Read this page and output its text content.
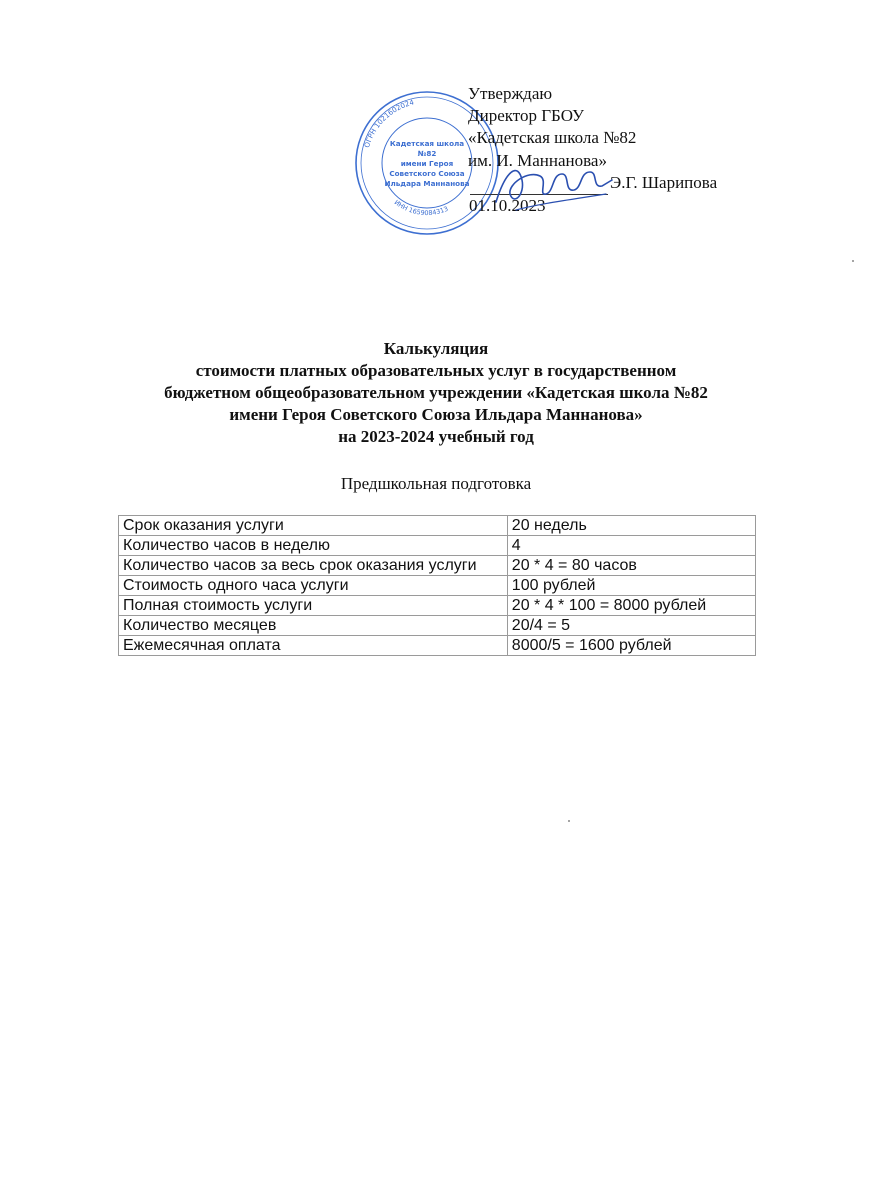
ОГРН 1021602024
ИНН 1659084313
Кадетская школа
№82
имени Героя
Советского Союза
Ильдара Маннанова
Утверждаю
Директор ГБОУ
«Кадетская школа №82
им. И. Маннанова»
Э.Г. Шарипова
01.10.2023
Калькуляция
стоимости платных образовательных услуг в государственном
бюджетном общеобразовательном учреждении «Кадетская школа №82
имени Героя Советского Союза Ильдара Маннанова»
на 2023-2024 учебный год
Предшкольная подготовка
Срок оказания услуги	20 недель
Количество часов в неделю	4
Количество часов за весь срок оказания услуги	20 * 4 = 80 часов
Стоимость одного часа услуги	100 рублей
Полная стоимость услуги	20 * 4 * 100 = 8000 рублей
Количество месяцев	20/4 = 5
Ежемесячная оплата	8000/5 = 1600 рублей
